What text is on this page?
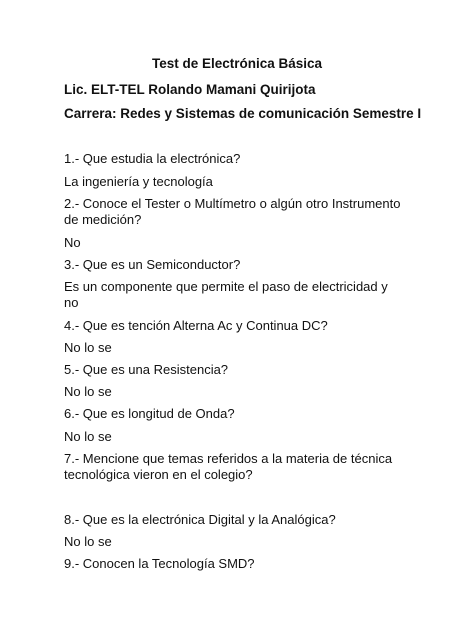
Test de Electrónica Básica
Lic. ELT-TEL Rolando Mamani Quirijota
Carrera: Redes y Sistemas de comunicación Semestre I
1.- Que estudia la electrónica?
La ingeniería y tecnología
2.- Conoce el Tester o Multímetro o algún otro Instrumento
de medición?
No
3.- Que es un Semiconductor?
Es un componente que permite el paso de electricidad y
no
4.- Que es tención Alterna Ac y Continua DC?
No lo se
5.- Que es una Resistencia?
No lo se
6.- Que es longitud de Onda?
No lo se
7.- Mencione que temas referidos a la materia de técnica
tecnológica vieron en el colegio?
8.- Que es la electrónica Digital y la Analógica?
No lo se
9.- Conocen la Tecnología SMD?
